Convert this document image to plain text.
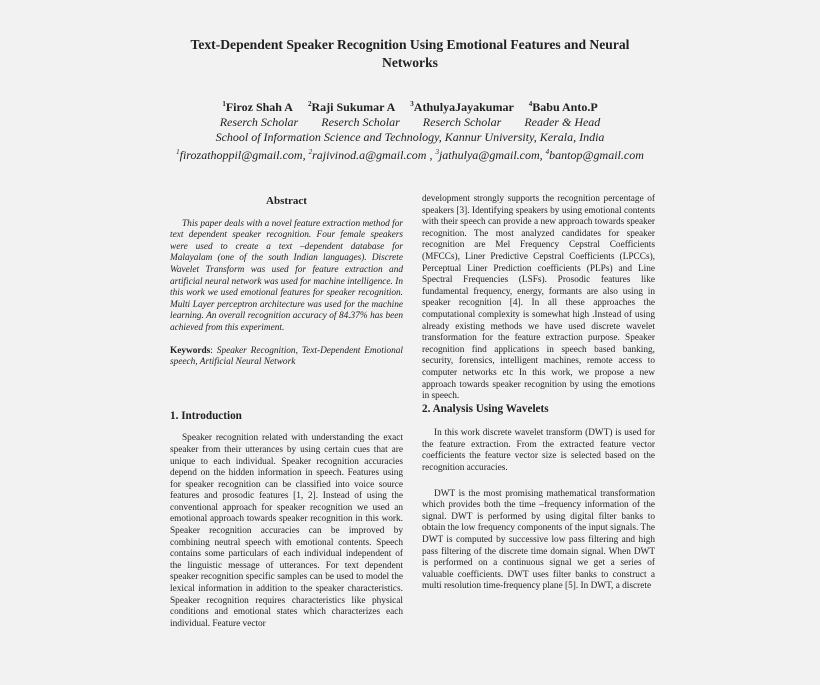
Text-Dependent Speaker Recognition Using Emotional Features and Neural Networks
$^1$Firoz Shah A $^2$Raji Sukumar A $^3$AthulyaJayakumar $^4$Babu Anto.P
Reserch Scholar Reserch Scholar Reserch Scholar Reader & Head
School of Information Science and Technology, Kannur University, Kerala, India
$^1$firozathoppil@gmail.com, $^2$rajivinod.a@gmail.com , $^3$jathulya@gmail.com, $^4$bantop@gmail.com
Abstract
This paper deals with a novel feature extraction method for text dependent speaker recognition. Four female speakers were used to create a text –dependent database for Malayalam (one of the south Indian languages). Discrete Wavelet Transform was used for feature extraction and artificial neural network was used for machine intelligence. In this work we used emotional features for speaker recognition. Multi Layer perceptron architecture was used for the machine learning. An overall recognition accuracy of 84.37% has been achieved from this experiment.
Keywords: Speaker Recognition, Text-Dependent Emotional speech, Artificial Neural Network
1. Introduction
Speaker recognition related with understanding the exact speaker from their utterances by using certain cues that are unique to each individual. Speaker recognition accuracies depend on the hidden information in speech. Features using for speaker recognition can be classified into voice source features and prosodic features [1, 2]. Instead of using the conventional approach for speaker recognition we used an emotional approach towards speaker recognition in this work. Speaker recognition accuracies can be improved by combining neutral speech with emotional contents. Speech contains some particulars of each individual independent of the linguistic message of utterances. For text dependent speaker recognition specific samples can be used to model the lexical information in addition to the speaker characteristics. Speaker recognition requires characteristics like physical conditions and emotional states which characterizes each individual. Feature vector
development strongly supports the recognition percentage of speakers [3]. Identifying speakers by using emotional contents with their speech can provide a new approach towards speaker recognition. The most analyzed candidates for speaker recognition are Mel Frequency Cepstral Coefficients (MFCCs), Liner Predictive Cepstral Coefficients (LPCCs), Perceptual Liner Prediction coefficients (PLPs) and Line Spectral Frequencies (LSFs). Prosodic features like fundamental frequency, energy, formants are also using in speaker recognition [4]. In all these approaches the computational complexity is somewhat high .Instead of using already existing methods we have used discrete wavelet transformation for the feature extraction purpose. Speaker recognition find applications in speech based banking, security, forensics, intelligent machines, remote access to computer networks etc In this work, we propose a new approach towards speaker recognition by using the emotions in speech.
2. Analysis Using Wavelets
In this work discrete wavelet transform (DWT) is used for the feature extraction. From the extracted feature vector coefficients the feature vector size is selected based on the recognition accuracies.
DWT is the most promising mathematical transformation which provides both the time –frequency information of the signal. DWT is performed by using digital filter banks to obtain the low frequency components of the input signals. The DWT is computed by successive low pass filtering and high pass filtering of the discrete time domain signal. When DWT is performed on a continuous signal we get a series of valuable coefficients. DWT uses filter banks to construct a multi resolution time-frequency plane [5]. In DWT, a discrete
